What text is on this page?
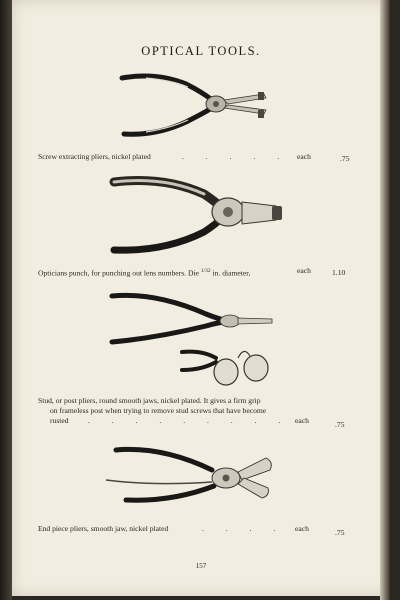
OPTICAL TOOLS.
Screw extracting pliers, nickel plated	. . . . . each	.75
Opticians punch, for punching out lens numbers. Die $^{1/32}$ in. diameter,	each	1.10
Stud, or post pliers, round smooth jaws, nickel plated. It gives a firm grip
on frameless post when trying to remove stud screws that have become
rusted	. . . . . . . . . each	.75
End piece pliers, smooth jaw, nickel plated	. . . . each	.75
157
